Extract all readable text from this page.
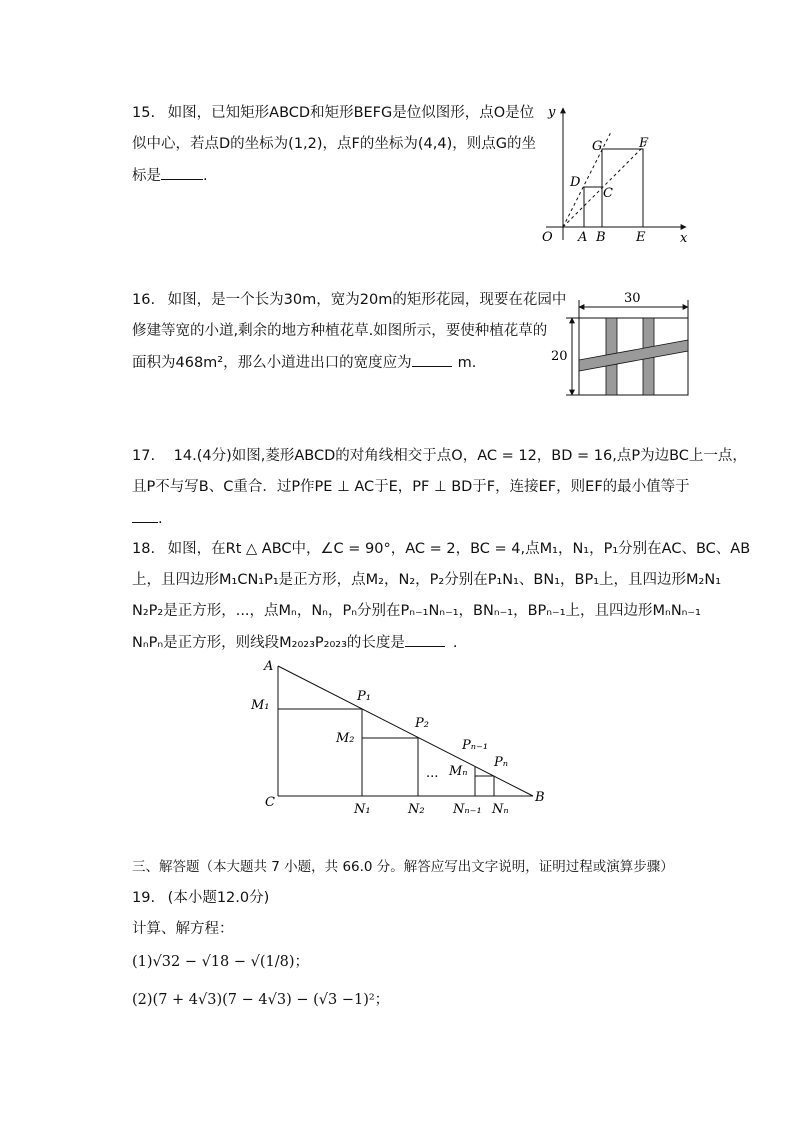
15. 如图，已知矩形ABCD和矩形BEFG是位似图形，点O是位
似中心，若点D的坐标为(1,2)，点F的坐标为(4,4)，则点G的坐
标是	.
y
x
O A B E
C
D
G	F
16. 如图，是一个长为30m，宽为20m的矩形花园，现要在花园中
修建等宽的小道,剩余的地方种植花草.如图所示，要使种植花草的
面积为468m²，那么小道进出口的宽度应为	m.
30
20
17. 14.(4分)如图,菱形ABCD的对角线相交于点O，AC = 12，BD = 16,点P为边BC上一点，
且P不与写B、C重合．过P作PE ⊥ AC于E，PF ⊥ BD于F，连接EF，则EF的最小值等于
.
18. 如图，在Rt △ ABC中，∠C = 90°，AC = 2，BC = 4,点M₁，N₁，P₁分别在AC、BC、AB
上，且四边形M₁CN₁P₁是正方形，点M₂，N₂，P₂分别在P₁N₁、BN₁，BP₁上，且四边形M₂N₁
N₂P₂是正方形，...，点Mₙ，Nₙ，Pₙ分别在Pₙ₋₁Nₙ₋₁，BNₙ₋₁，BPₙ₋₁上，且四边形MₙNₙ₋₁
NₙPₙ是正方形，则线段M₂₀₂₃P₂₀₂₃的长度是	.
A
C	B
M₁
M₂
Mₙ
N₁	N₂ Nₙ₋₁ Nₙ
P₁
P₂
Pₙ₋₁
Pₙ
...
三、解答题（本大题共 7 小题，共 66.0 分。解答应写出文字说明，证明过程或演算步骤）
19. (本小题12.0分)
计算、解方程：
(1)√32 − √18 − √(1/8)；
(2)(7 + 4√3)(7 − 4√3) − (√3 −1)²；
